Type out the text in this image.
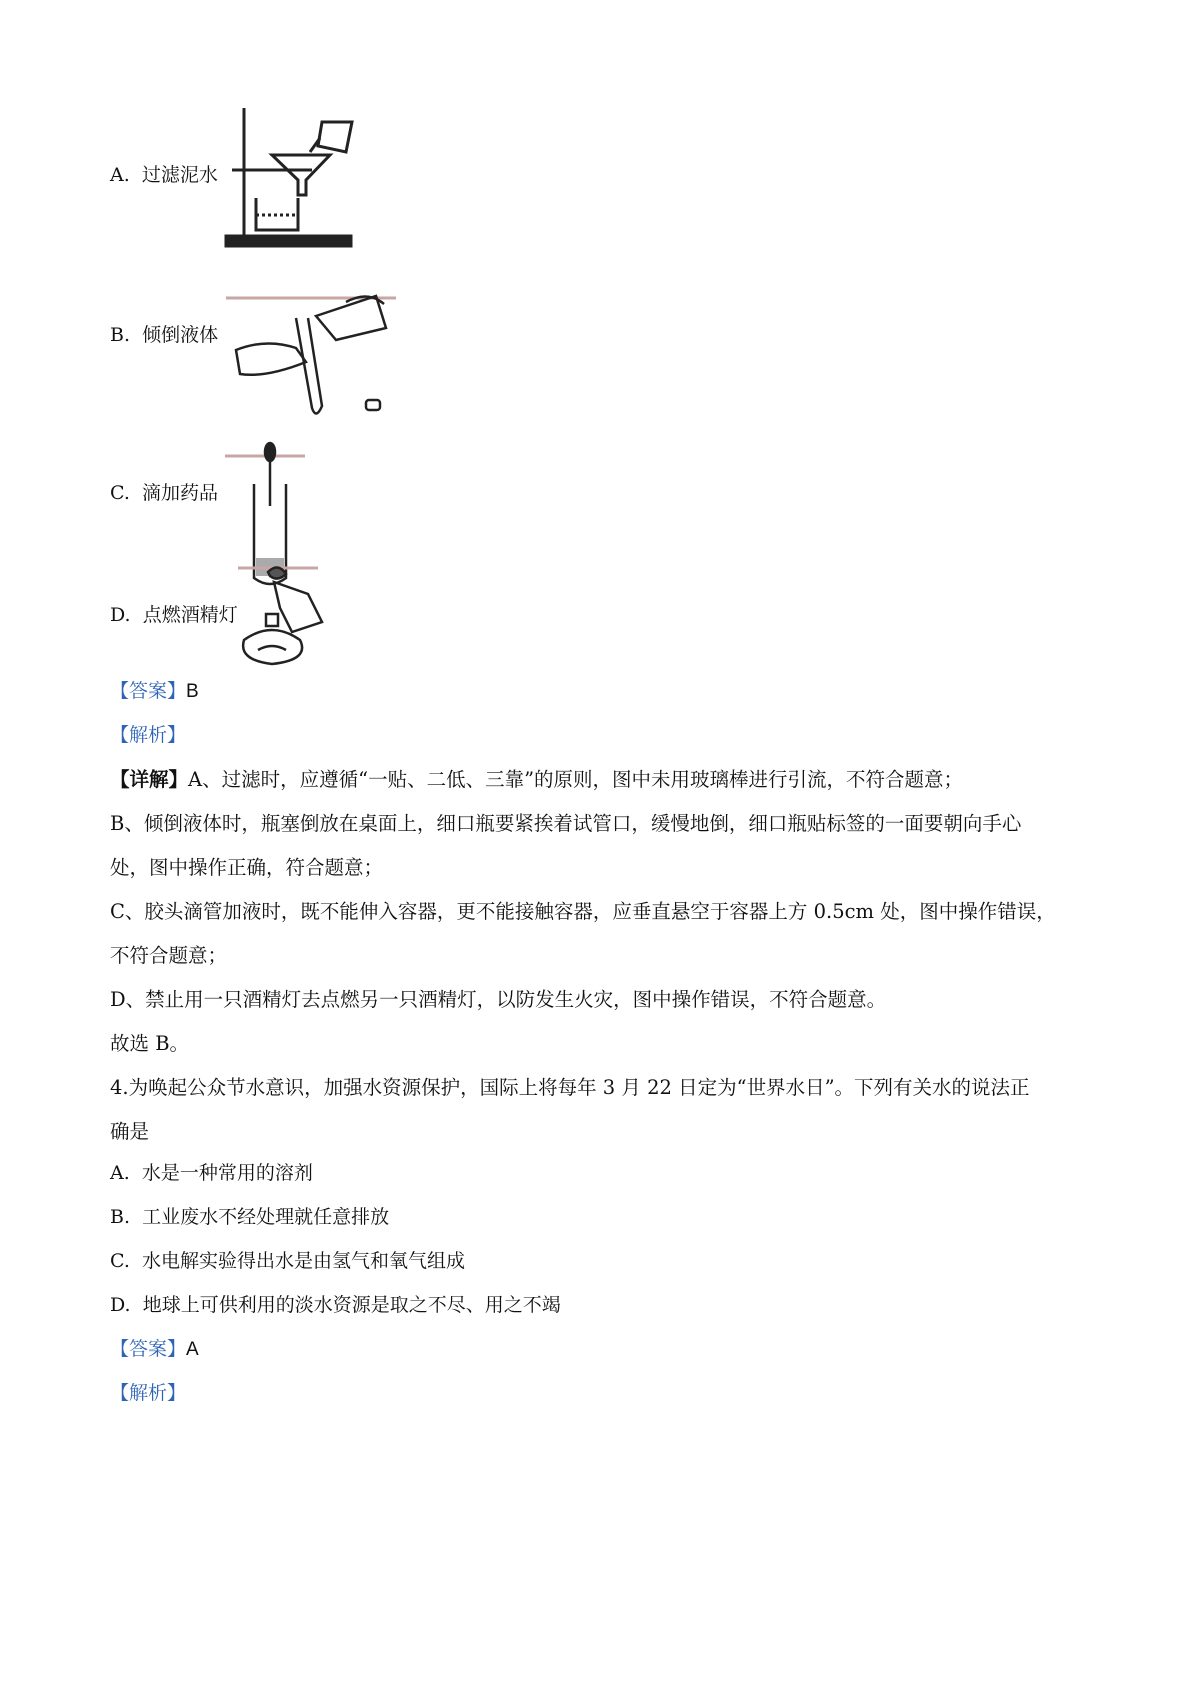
A. 过滤泥水
B. 倾倒液体
C. 滴加药品
D. 点燃酒精灯
【答案】B
【解析】
【详解】A、过滤时，应遵循“一贴、二低、三靠”的原则，图中未用玻璃棒进行引流，不符合题意；
B、倾倒液体时，瓶塞倒放在桌面上，细口瓶要紧挨着试管口，缓慢地倒，细口瓶贴标签的一面要朝向手心
处，图中操作正确，符合题意；
C、胶头滴管加液时，既不能伸入容器，更不能接触容器，应垂直悬空于容器上方 0.5cm 处，图中操作错误，
不符合题意；
D、禁止用一只酒精灯去点燃另一只酒精灯，以防发生火灾，图中操作错误，不符合题意。
故选 B。
4.为唤起公众节水意识，加强水资源保护，国际上将每年 3 月 22 日定为“世界水日”。下列有关水的说法正
确是
A. 水是一种常用的溶剂
B. 工业废水不经处理就任意排放
C. 水电解实验得出水是由氢气和氧气组成
D. 地球上可供利用的淡水资源是取之不尽、用之不竭
【答案】A
【解析】
